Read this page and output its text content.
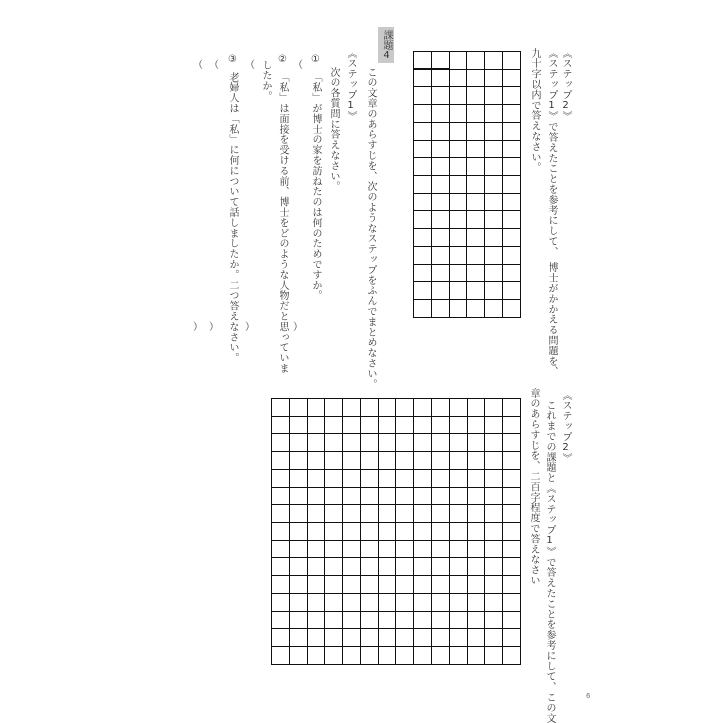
《ステップ2》
《ステップ1》で答えたことを参考にして、　博士がかかえる問題を、
九十字以内で答えなさい。

課題4
この文章のあらすじを、次のようなステップをふんでまとめなさい。
《ステップ1》
次の各質問に答えなさい。
①
「私」が博士の家を訪ねたのは何のためですか。
（
）
②
「私」は面接を受ける前、博士をどのような人物だと思っていま
したか。
（
）
③
老婦人は「私」に何について話しましたか。二つ答えなさい。
（
）
（
）
《ステップ2》
これまでの課題と《ステップ1》で答えたことを参考にして、この文
章のあらすじを、二百字程度で答えなさい

6
